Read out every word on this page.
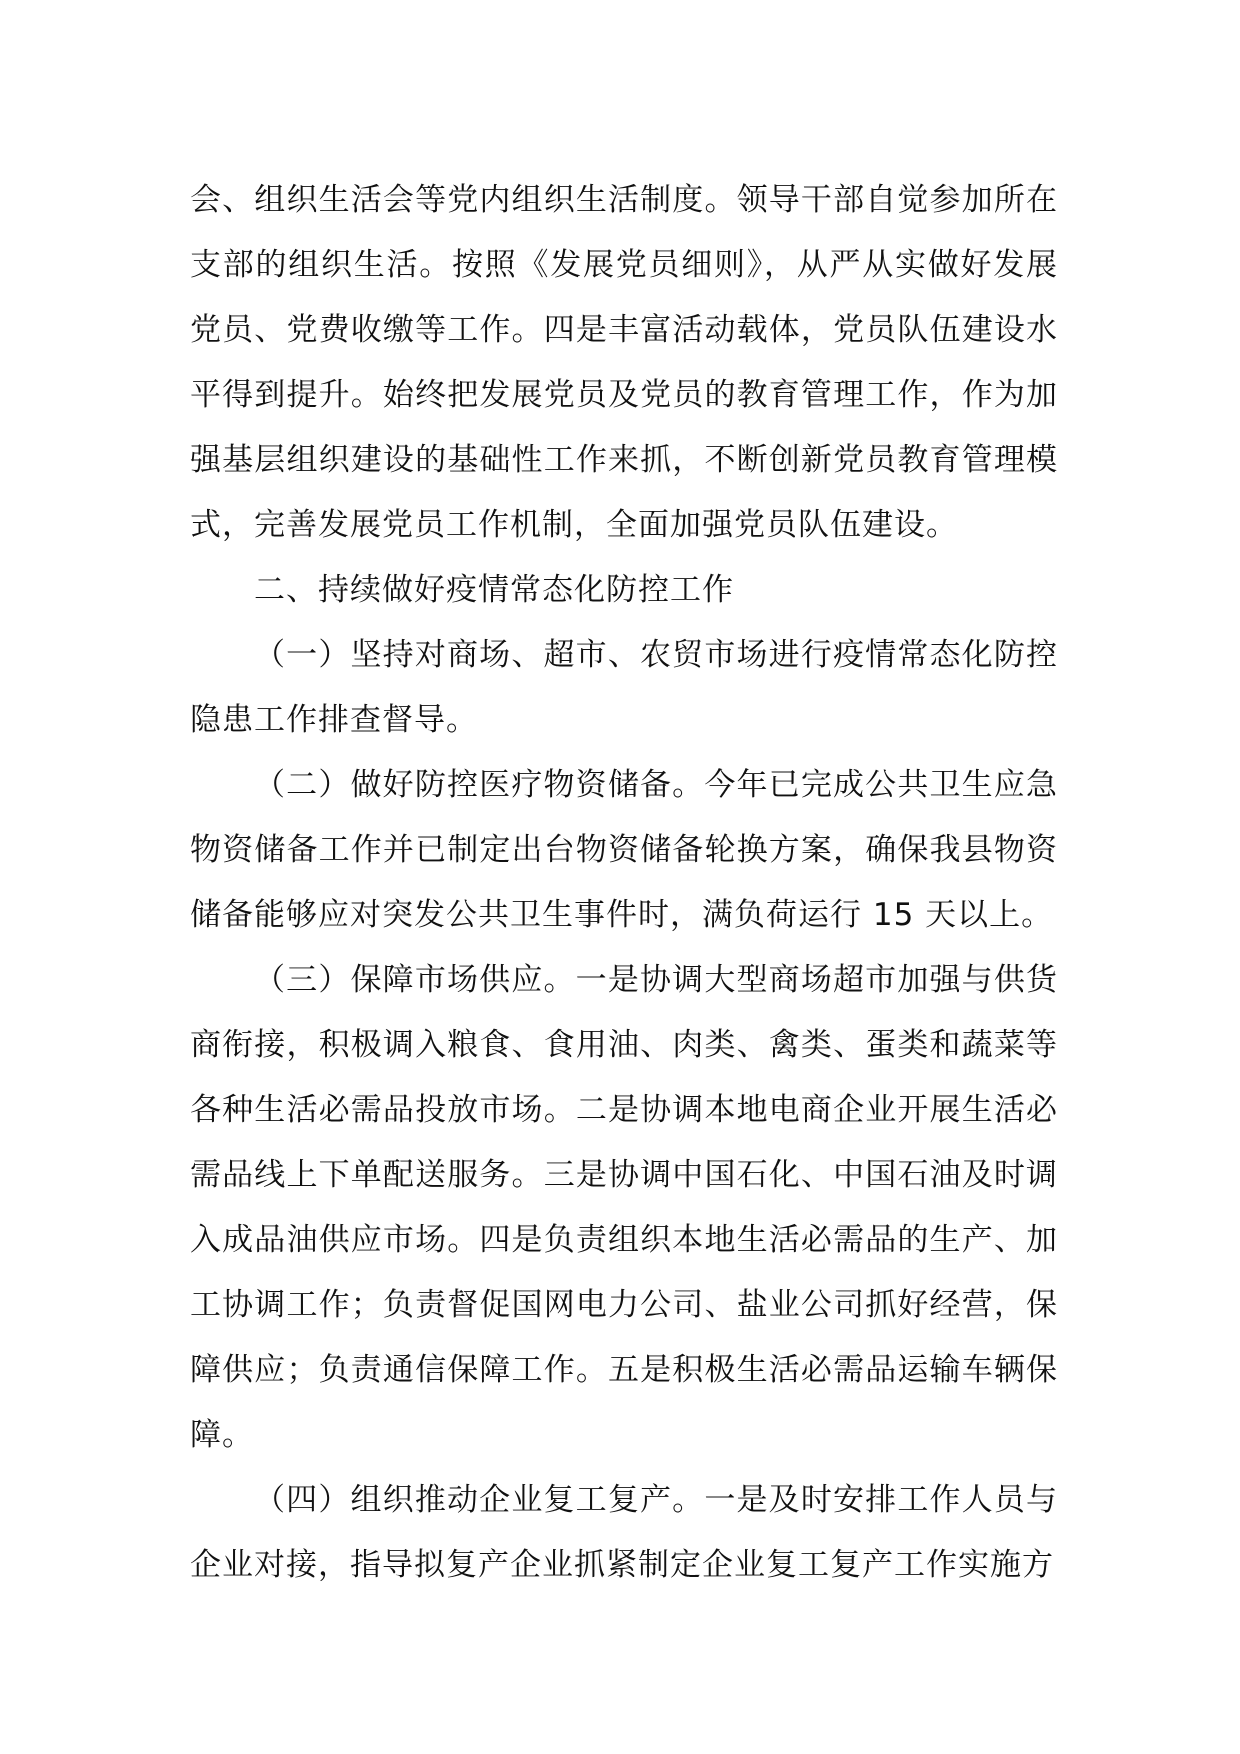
会、组织生活会等党内组织生活制度。领导干部自觉参加所在支部的组织生活。按照《发展党员细则》，从严从实做好发展党员、党费收缴等工作。四是丰富活动载体，党员队伍建设水平得到提升。始终把发展党员及党员的教育管理工作，作为加强基层组织建设的基础性工作来抓，不断创新党员教育管理模式，完善发展党员工作机制，全面加强党员队伍建设。

二、持续做好疫情常态化防控工作

（一）坚持对商场、超市、农贸市场进行疫情常态化防控隐患工作排查督导。

（二）做好防控医疗物资储备。今年已完成公共卫生应急物资储备工作并已制定出台物资储备轮换方案，确保我县物资储备能够应对突发公共卫生事件时，满负荷运行 15 天以上。

（三）保障市场供应。一是协调大型商场超市加强与供货商衔接，积极调入粮食、食用油、肉类、禽类、蛋类和蔬菜等各种生活必需品投放市场。二是协调本地电商企业开展生活必需品线上下单配送服务。三是协调中国石化、中国石油及时调入成品油供应市场。四是负责组织本地生活必需品的生产、加工协调工作；负责督促国网电力公司、盐业公司抓好经营，保障供应；负责通信保障工作。五是积极生活必需品运输车辆保障。

（四）组织推动企业复工复产。一是及时安排工作人员与企业对接，指导拟复产企业抓紧制定企业复工复产工作实施方
